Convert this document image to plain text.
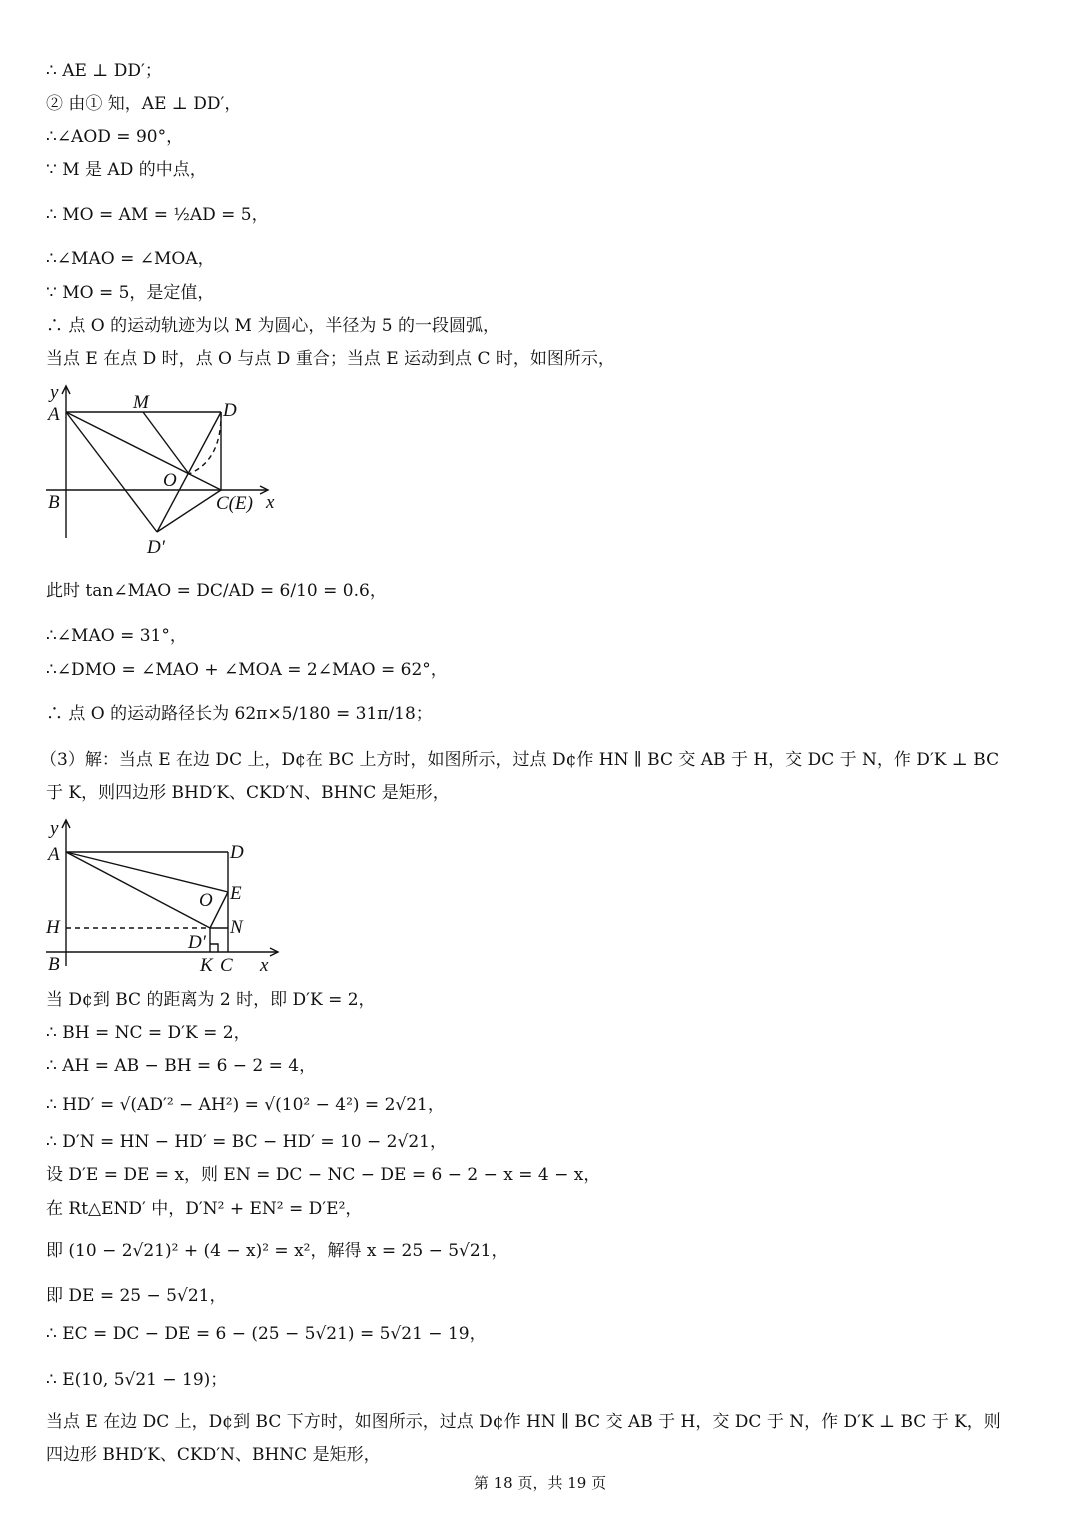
∴ AE ⊥ DD′；

② 由① 知，AE ⊥ DD′，

∴∠AOD = 90°，

∵ M 是 AD 的中点，

∴ MO = AM = ½AD = 5，

∴∠MAO = ∠MOA，

∵ MO = 5，是定值，

∴ 点 O 的运动轨迹为以 M 为圆心，半径为 5 的一段圆弧，

当点 E 在点 D 时，点 O 与点 D 重合；当点 E 运动到点 C 时，如图所示，

y
A
M	D
O
B	C(E) x
D′

此时 tan∠MAO = DC/AD = 6/10 = 0.6，

∴∠MAO = 31°，

∴∠DMO = ∠MAO + ∠MOA = 2∠MAO = 62°，

∴ 点 O 的运动路径长为 62π×5/180 = 31π/18；

（3）解：当点 E 在边 DC 上，D¢在 BC 上方时，如图所示，过点 D¢作 HN ∥ BC 交 AB 于 H，交 DC 于 N，作 D′K ⊥ BC

于 K，则四边形 BHD′K、CKD′N、BHNC 是矩形，

y
A	D
O E
H	N
D′
B	K C x

当 D¢到 BC 的距离为 2 时，即 D′K = 2，

∴ BH = NC = D′K = 2，

∴ AH = AB − BH = 6 − 2 = 4，

∴ HD′ = √(AD′² − AH²) = √(10² − 4²) = 2√21，

∴ D′N = HN − HD′ = BC − HD′ = 10 − 2√21，

设 D′E = DE = x，则 EN = DC − NC − DE = 6 − 2 − x = 4 − x，

在 Rt△END′ 中，D′N² + EN² = D′E²，

即 (10 − 2√21)² + (4 − x)² = x²，解得 x = 25 − 5√21，

即 DE = 25 − 5√21，

∴ EC = DC − DE = 6 − (25 − 5√21) = 5√21 − 19，

∴ E(10, 5√21 − 19)；

当点 E 在边 DC 上，D¢到 BC 下方时，如图所示，过点 D¢作 HN ∥ BC 交 AB 于 H，交 DC 于 N，作 D′K ⊥ BC 于 K，则

四边形 BHD′K、CKD′N、BHNC 是矩形，

第 18 页，共 19 页
